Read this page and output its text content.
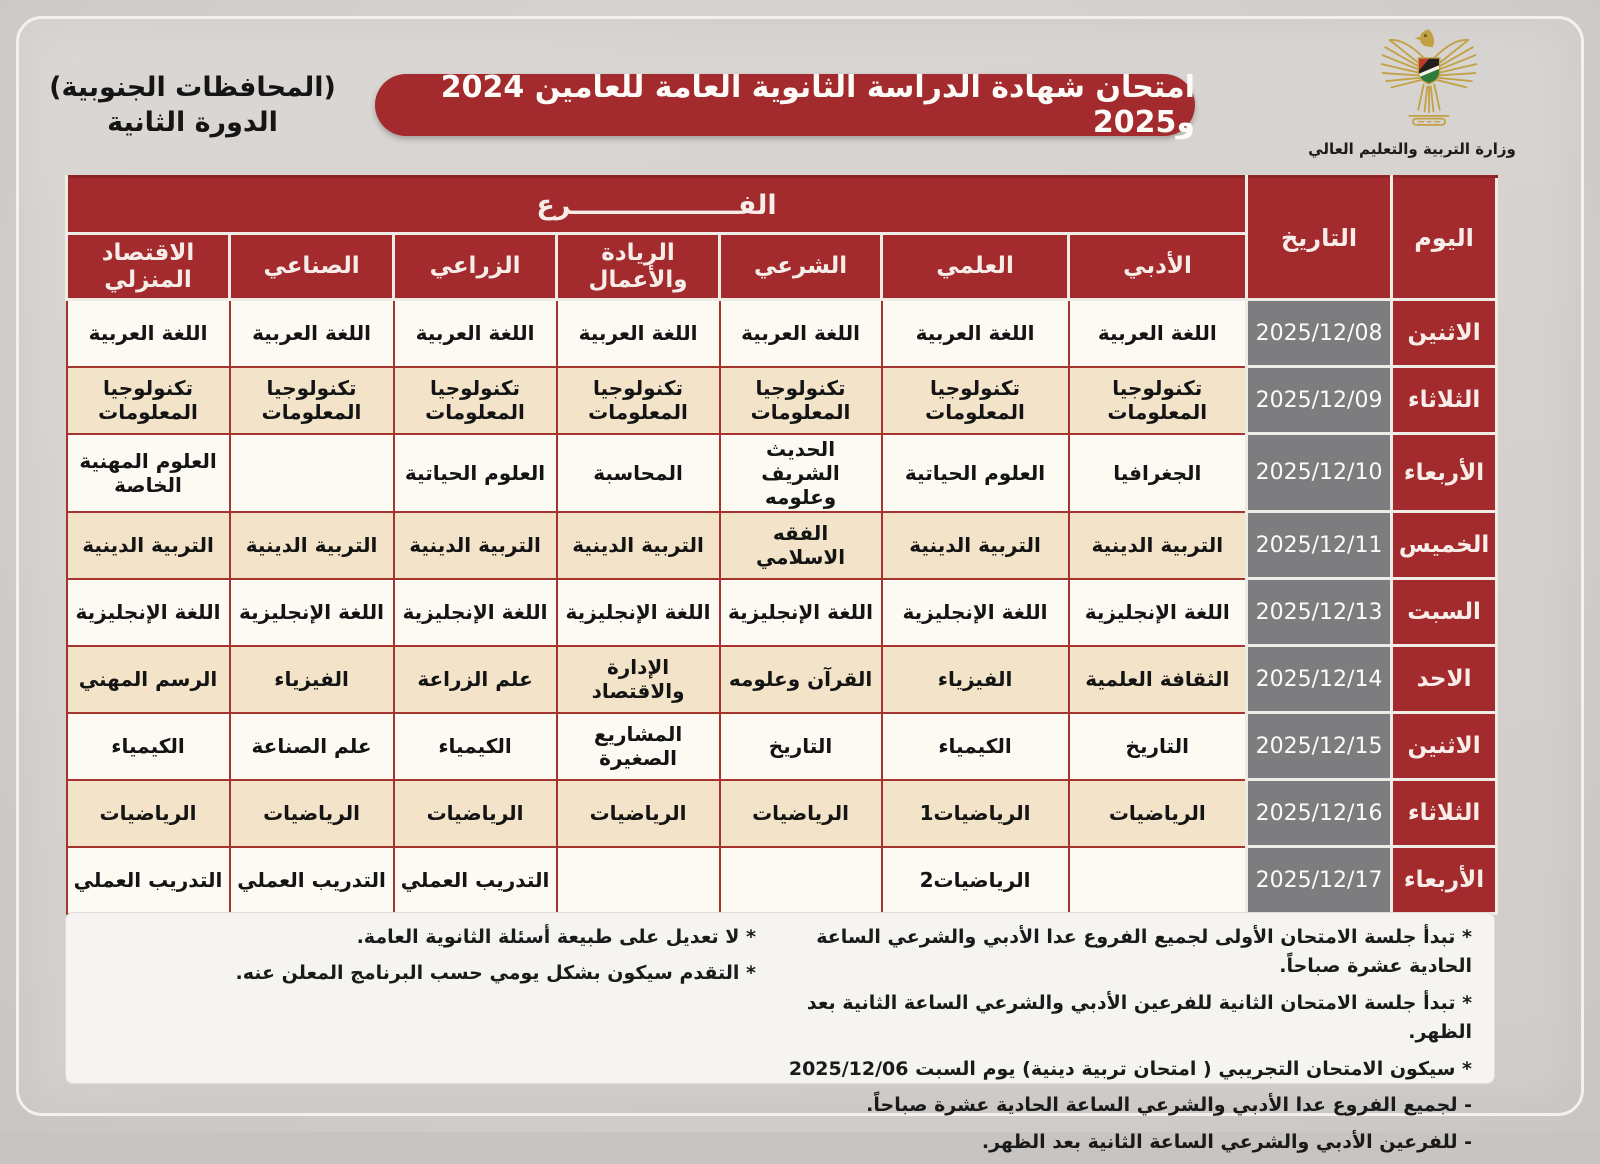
(المحافظات الجنوبية)
الدورة الثانية
امتحان شهادة الدراسة الثانوية العامة للعامين 2024 و2025
وزارة التربية والتعليم العالي
اليوم	التاريخ	الفــــــــــــــــــرع						
		الأدبي	العلمي	الشرعي	الريادة والأعمال	الزراعي	الصناعي	الاقتصاد المنزلي
الاثنين	2025/12/08	اللغة العربية	اللغة العربية	اللغة العربية	اللغة العربية	اللغة العربية	اللغة العربية	اللغة العربية
الثلاثاء	2025/12/09	تكنولوجيا المعلومات	تكنولوجيا المعلومات	تكنولوجيا المعلومات	تكنولوجيا المعلومات	تكنولوجيا المعلومات	تكنولوجيا المعلومات	تكنولوجيا المعلومات
الأربعاء	2025/12/10	الجغرافيا	العلوم الحياتية	الحديث الشريف وعلومه	المحاسبة	العلوم الحياتية		العلوم المهنية الخاصة
الخميس	2025/12/11	التربية الدينية	التربية الدينية	الفقه الاسلامي	التربية الدينية	التربية الدينية	التربية الدينية	التربية الدينية
السبت	2025/12/13	اللغة الإنجليزية	اللغة الإنجليزية	اللغة الإنجليزية	اللغة الإنجليزية	اللغة الإنجليزية	اللغة الإنجليزية	اللغة الإنجليزية
الاحد	2025/12/14	الثقافة العلمية	الفيزياء	القرآن وعلومه	الإدارة والاقتصاد	علم الزراعة	الفيزياء	الرسم المهني
الاثنين	2025/12/15	التاريخ	الكيمياء	التاريخ	المشاريع الصغيرة	الكيمياء	علم الصناعة	الكيمياء
الثلاثاء	2025/12/16	الرياضيات	الرياضيات1	الرياضيات	الرياضيات	الرياضيات	الرياضيات	الرياضيات
الأربعاء	2025/12/17		الرياضيات2			التدريب العملي	التدريب العملي	التدريب العملي
* تبدأ جلسة الامتحان الأولى لجميع الفروع عدا الأدبي والشرعي الساعة الحادية عشرة صباحاً.
* تبدأ جلسة الامتحان الثانية للفرعين الأدبي والشرعي الساعة الثانية بعد الظهر.
* سيكون الامتحان التجريبي ( امتحان تربية دينية) يوم السبت 2025/12/06
- لجميع الفروع عدا الأدبي والشرعي الساعة الحادية عشرة صباحاً.
- للفرعين الأدبي والشرعي الساعة الثانية بعد الظهر.
* لا تعديل على طبيعة أسئلة الثانوية العامة.
* التقدم سيكون بشكل يومي حسب البرنامج المعلن عنه.
